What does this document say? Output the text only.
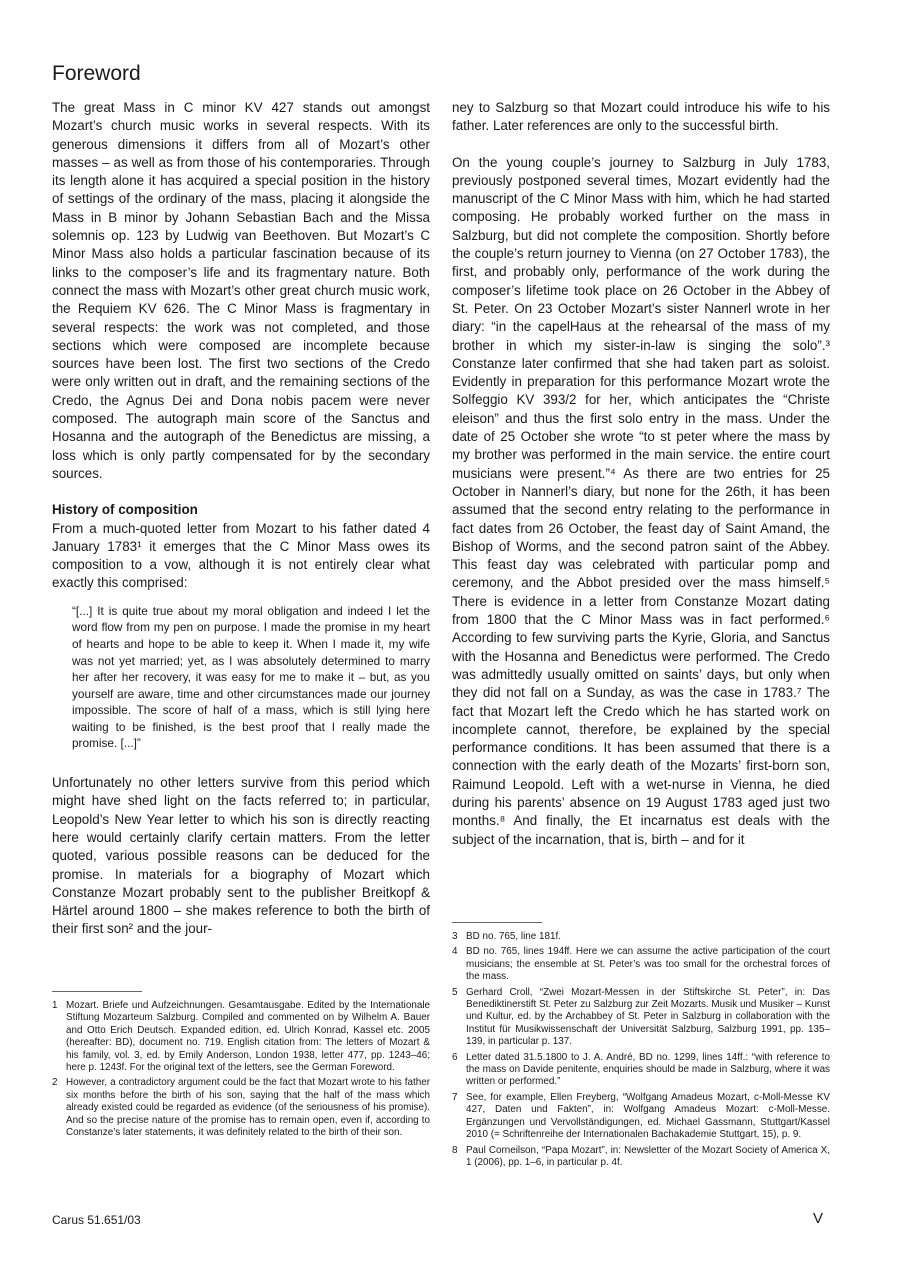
Foreword

The great Mass in C minor KV 427 stands out amongst Mozart’s church music works in several respects. With its generous dimensions it differs from all of Mozart’s other masses – as well as from those of his contemporaries. Through its length alone it has acquired a special position in the history of settings of the ordinary of the mass, placing it alongside the Mass in B minor by Johann Sebastian Bach and the Missa solemnis op. 123 by Ludwig van Beethoven. But Mozart’s C Minor Mass also holds a particular fascination because of its links to the composer’s life and its fragmentary nature. Both connect the mass with Mozart’s other great church music work, the Requiem KV 626. The C Minor Mass is fragmentary in several respects: the work was not completed, and those sections which were composed are incomplete because sources have been lost. The first two sections of the Credo were only written out in draft, and the remaining sections of the Credo, the Agnus Dei and Dona nobis pacem were never composed. The autograph main score of the Sanctus and Hosanna and the autograph of the Benedictus are missing, a loss which is only partly compensated for by the secondary sources.

History of composition

From a much-quoted letter from Mozart to his father dated 4 January 1783¹ it emerges that the C Minor Mass owes its composition to a vow, although it is not entirely clear what exactly this comprised:

“[...] It is quite true about my moral obligation and indeed I let the word flow from my pen on purpose. I made the promise in my heart of hearts and hope to be able to keep it. When I made it, my wife was not yet married; yet, as I was absolutely determined to marry her after her recovery, it was easy for me to make it – but, as you yourself are aware, time and other circumstances made our journey impossible. The score of half of a mass, which is still lying here waiting to be finished, is the best proof that I really made the promise. [...]”

Unfortunately no other letters survive from this period which might have shed light on the facts referred to; in particular, Leopold’s New Year letter to which his son is directly reacting here would certainly clarify certain matters. From the letter quoted, various possible reasons can be deduced for the promise. In materials for a biography of Mozart which Constanze Mozart probably sent to the publisher Breitkopf & Härtel around 1800 – she makes reference to both the birth of their first son² and the jour-

ney to Salzburg so that Mozart could introduce his wife to his father. Later references are only to the successful birth.

On the young couple’s journey to Salzburg in July 1783, previously postponed several times, Mozart evidently had the manuscript of the C Minor Mass with him, which he had started composing. He probably worked further on the mass in Salzburg, but did not complete the composition. Shortly before the couple’s return journey to Vienna (on 27 October 1783), the first, and probably only, performance of the work during the composer’s lifetime took place on 26 October in the Abbey of St. Peter. On 23 October Mozart’s sister Nannerl wrote in her diary: “in the capelHaus at the rehearsal of the mass of my brother in which my sister-in-law is singing the solo”.³ Constanze later confirmed that she had taken part as soloist. Evidently in preparation for this performance Mozart wrote the Solfeggio KV 393/2 for her, which anticipates the “Christe eleison” and thus the first solo entry in the mass. Under the date of 25 October she wrote “to st peter where the mass by my brother was performed in the main service. the entire court musicians were present.”⁴ As there are two entries for 25 October in Nannerl’s diary, but none for the 26th, it has been assumed that the second entry relating to the performance in fact dates from 26 October, the feast day of Saint Amand, the Bishop of Worms, and the second patron saint of the Abbey. This feast day was celebrated with particular pomp and ceremony, and the Abbot presided over the mass himself.⁵ There is evidence in a letter from Constanze Mozart dating from 1800 that the C Minor Mass was in fact performed.⁶ According to few surviving parts the Kyrie, Gloria, and Sanctus with the Hosanna and Benedictus were performed. The Credo was admittedly usually omitted on saints’ days, but only when they did not fall on a Sunday, as was the case in 1783.⁷ The fact that Mozart left the Credo which he has started work on incomplete cannot, therefore, be explained by the special performance conditions. It has been assumed that there is a connection with the early death of the Mozarts’ first-born son, Raimund Leopold. Left with a wet-nurse in Vienna, he died during his parents’ absence on 19 August 1783 aged just two months.⁸ And finally, the Et incarnatus est deals with the subject of the incarnation, that is, birth – and for it

1 Mozart. Briefe und Aufzeichnungen. Gesamtausgabe. Edited by the Internationale Stiftung Mozarteum Salzburg. Compiled and commented on by Wilhelm A. Bauer and Otto Erich Deutsch. Expanded edition, ed. Ulrich Konrad, Kassel etc. 2005 (hereafter: BD), document no. 719. English citation from: The letters of Mozart & his family, vol. 3, ed. by Emily Anderson, London 1938, letter 477, pp. 1243–46; here p. 1243f. For the original text of the letters, see the German Foreword.
2 However, a contradictory argument could be the fact that Mozart wrote to his father six months before the birth of his son, saying that the half of the mass which already existed could be regarded as evidence (of the seriousness of his promise). And so the precise nature of the promise has to remain open, even if, according to Constanze’s later statements, it was definitely related to the birth of their son.
3 BD no. 765, line 181f.
4 BD no. 765, lines 194ff. Here we can assume the active participation of the court musicians; the ensemble at St. Peter’s was too small for the orchestral forces of the mass.
5 Gerhard Croll, “Zwei Mozart-Messen in der Stiftskirche St. Peter”, in: Das Benediktinerstift St. Peter zu Salzburg zur Zeit Mozarts. Musik und Musiker – Kunst und Kultur, ed. by the Archabbey of St. Peter in Salzburg in collaboration with the Institut für Musikwissenschaft der Universität Salzburg, Salzburg 1991, pp. 135–139, in particular p. 137.
6 Letter dated 31.5.1800 to J. A. André, BD no. 1299, lines 14ff.: “with reference to the mass on Davide penitente, enquiries should be made in Salzburg, where it was written or performed.”
7 See, for example, Ellen Freyberg, “Wolfgang Amadeus Mozart, c-Moll-Messe KV 427, Daten und Fakten”, in: Wolfgang Amadeus Mozart: c-Moll-Messe. Ergänzungen und Vervollständigungen, ed. Michael Gassmann, Stuttgart/Kassel 2010 (= Schriftenreihe der Internationalen Bachakademie Stuttgart, 15), p. 9.
8 Paul Corneilson, “Papa Mozart”, in: Newsletter of the Mozart Society of America X, 1 (2006), pp. 1–6, in particular p. 4f.
Carus 51.651/03	V
